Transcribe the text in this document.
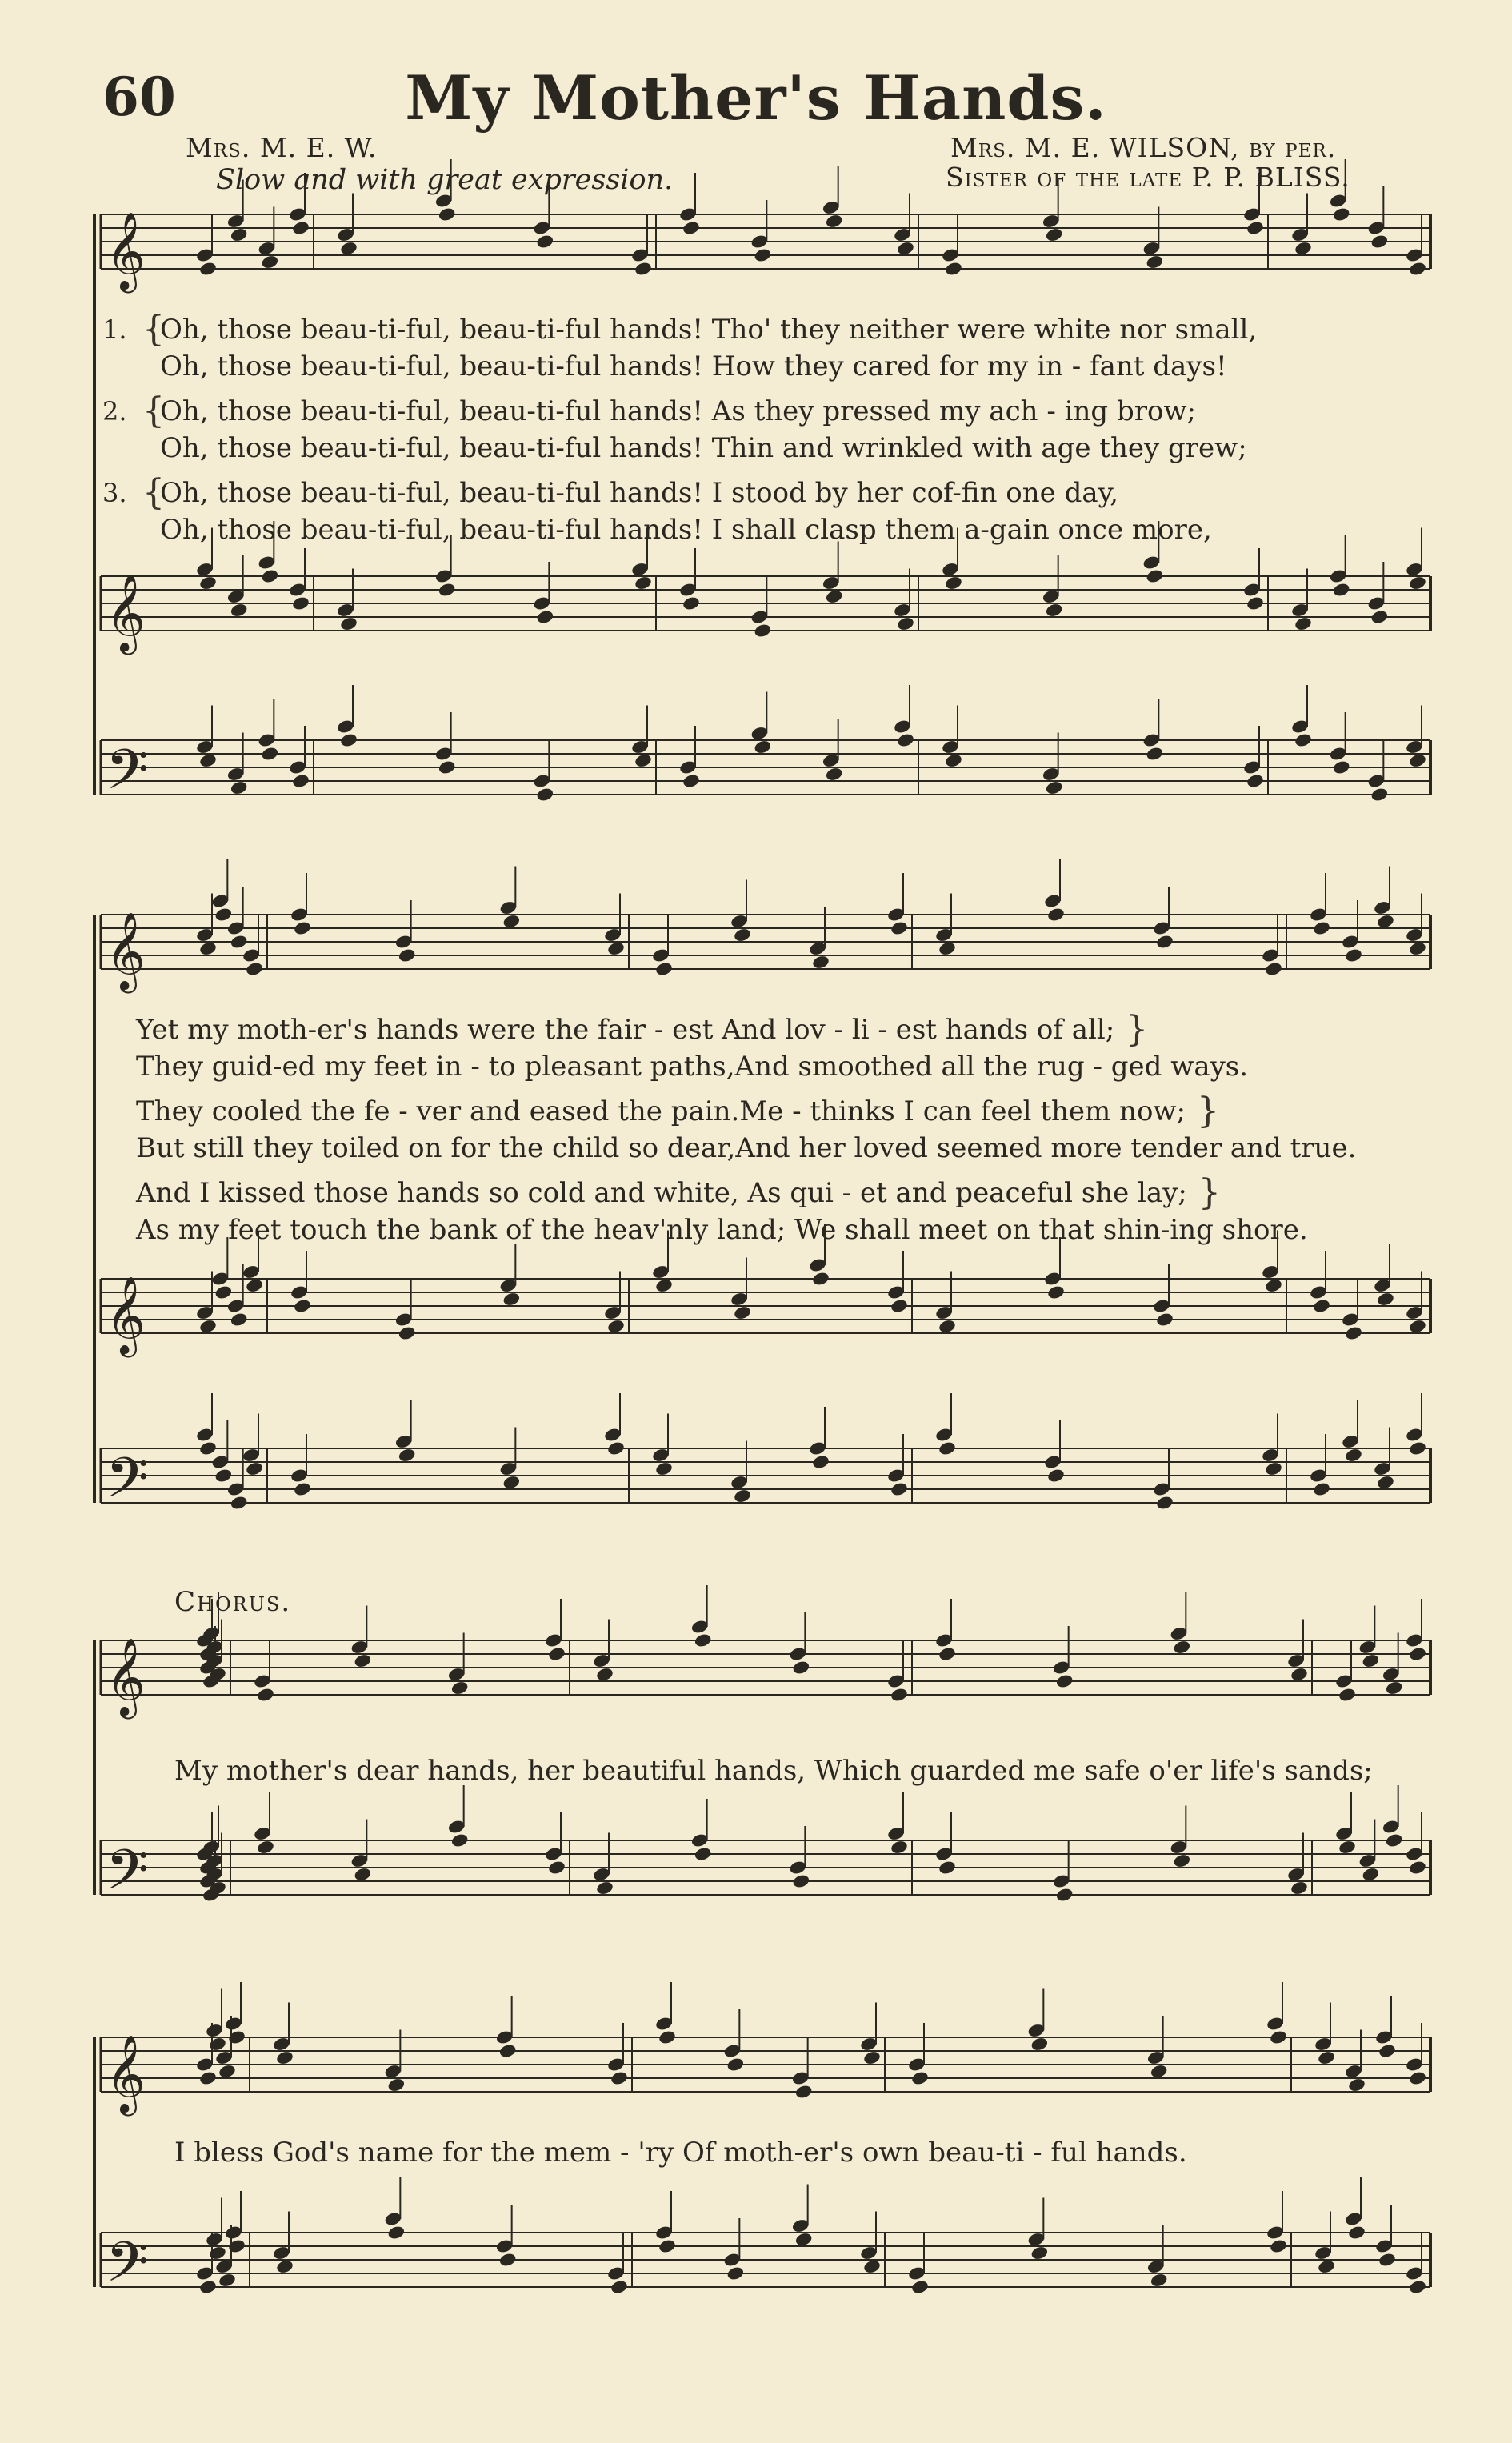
𝄞
𝄞
𝄢
𝄞
𝄞
𝄢
𝄞
𝄢
𝄞
𝄢
60	My Mother's Hands.
Mrs. M. E. W.	Mrs. M. E. WILSON, by per.
Slow and with great expression.	Sister of the late P. P. BLISS.
1. {
Oh, those beau-ti-ful, beau-ti-ful hands! Tho' they neither were white nor small,
Oh, those beau-ti-ful, beau-ti-ful hands! How they cared for my in - fant days!
2. {
Oh, those beau-ti-ful, beau-ti-ful hands! As they pressed my ach - ing brow;
Oh, those beau-ti-ful, beau-ti-ful hands! Thin and wrinkled with age they grew;
3. {
Oh, those beau-ti-ful, beau-ti-ful hands! I stood by her cof-fin one day,
Oh, those beau-ti-ful, beau-ti-ful hands! I shall clasp them a-gain once more,
Yet my moth-er's hands were the fair - est And lov - li - est hands of all; }
They guid-ed my feet in - to pleasant paths,And smoothed all the rug - ged ways.
They cooled the fe - ver and eased the pain.Me - thinks I can feel them now; }
But still they toiled on for the child so dear,And her loved seemed more tender and true.
And I kissed those hands so cold and white, As qui - et and peaceful she lay; }
As my feet touch the bank of the heav'nly land; We shall meet on that shin-ing shore.
Chorus.
My mother's dear hands, her beautiful hands, Which guarded me safe o'er life's sands;
I bless God's name for the mem - 'ry Of moth-er's own beau-ti - ful hands.
